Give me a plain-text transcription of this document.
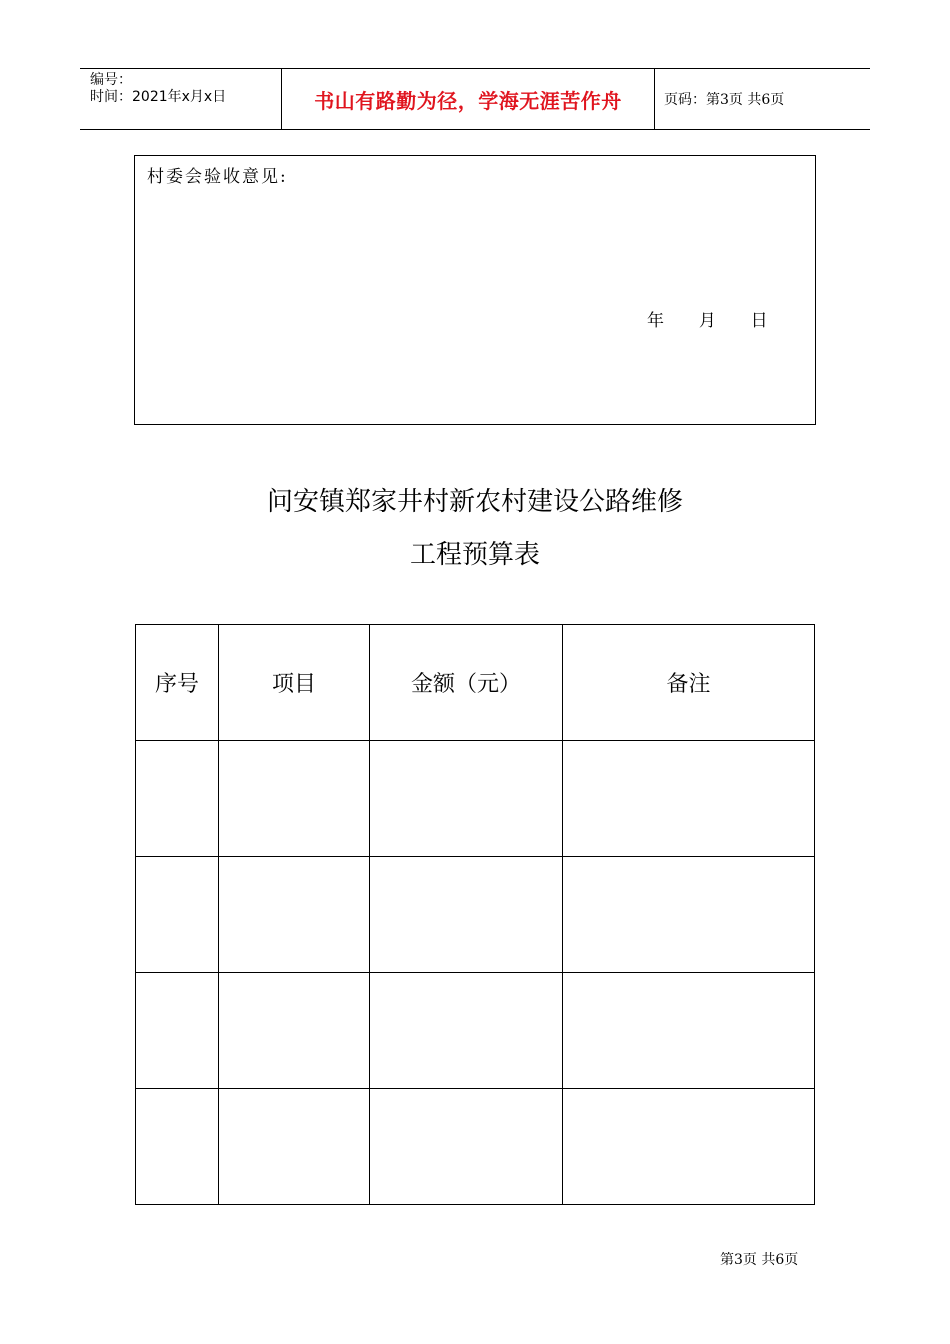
编号：
时间：2021年x月x日	书山有路勤为径，学海无涯苦作舟	页码：第3页 共6页
村委会验收意见:
年 月 日
问安镇郑家井村新农村建设公路维修
工程预算表
序号	项目	金额（元）	备注

第3页 共6页
